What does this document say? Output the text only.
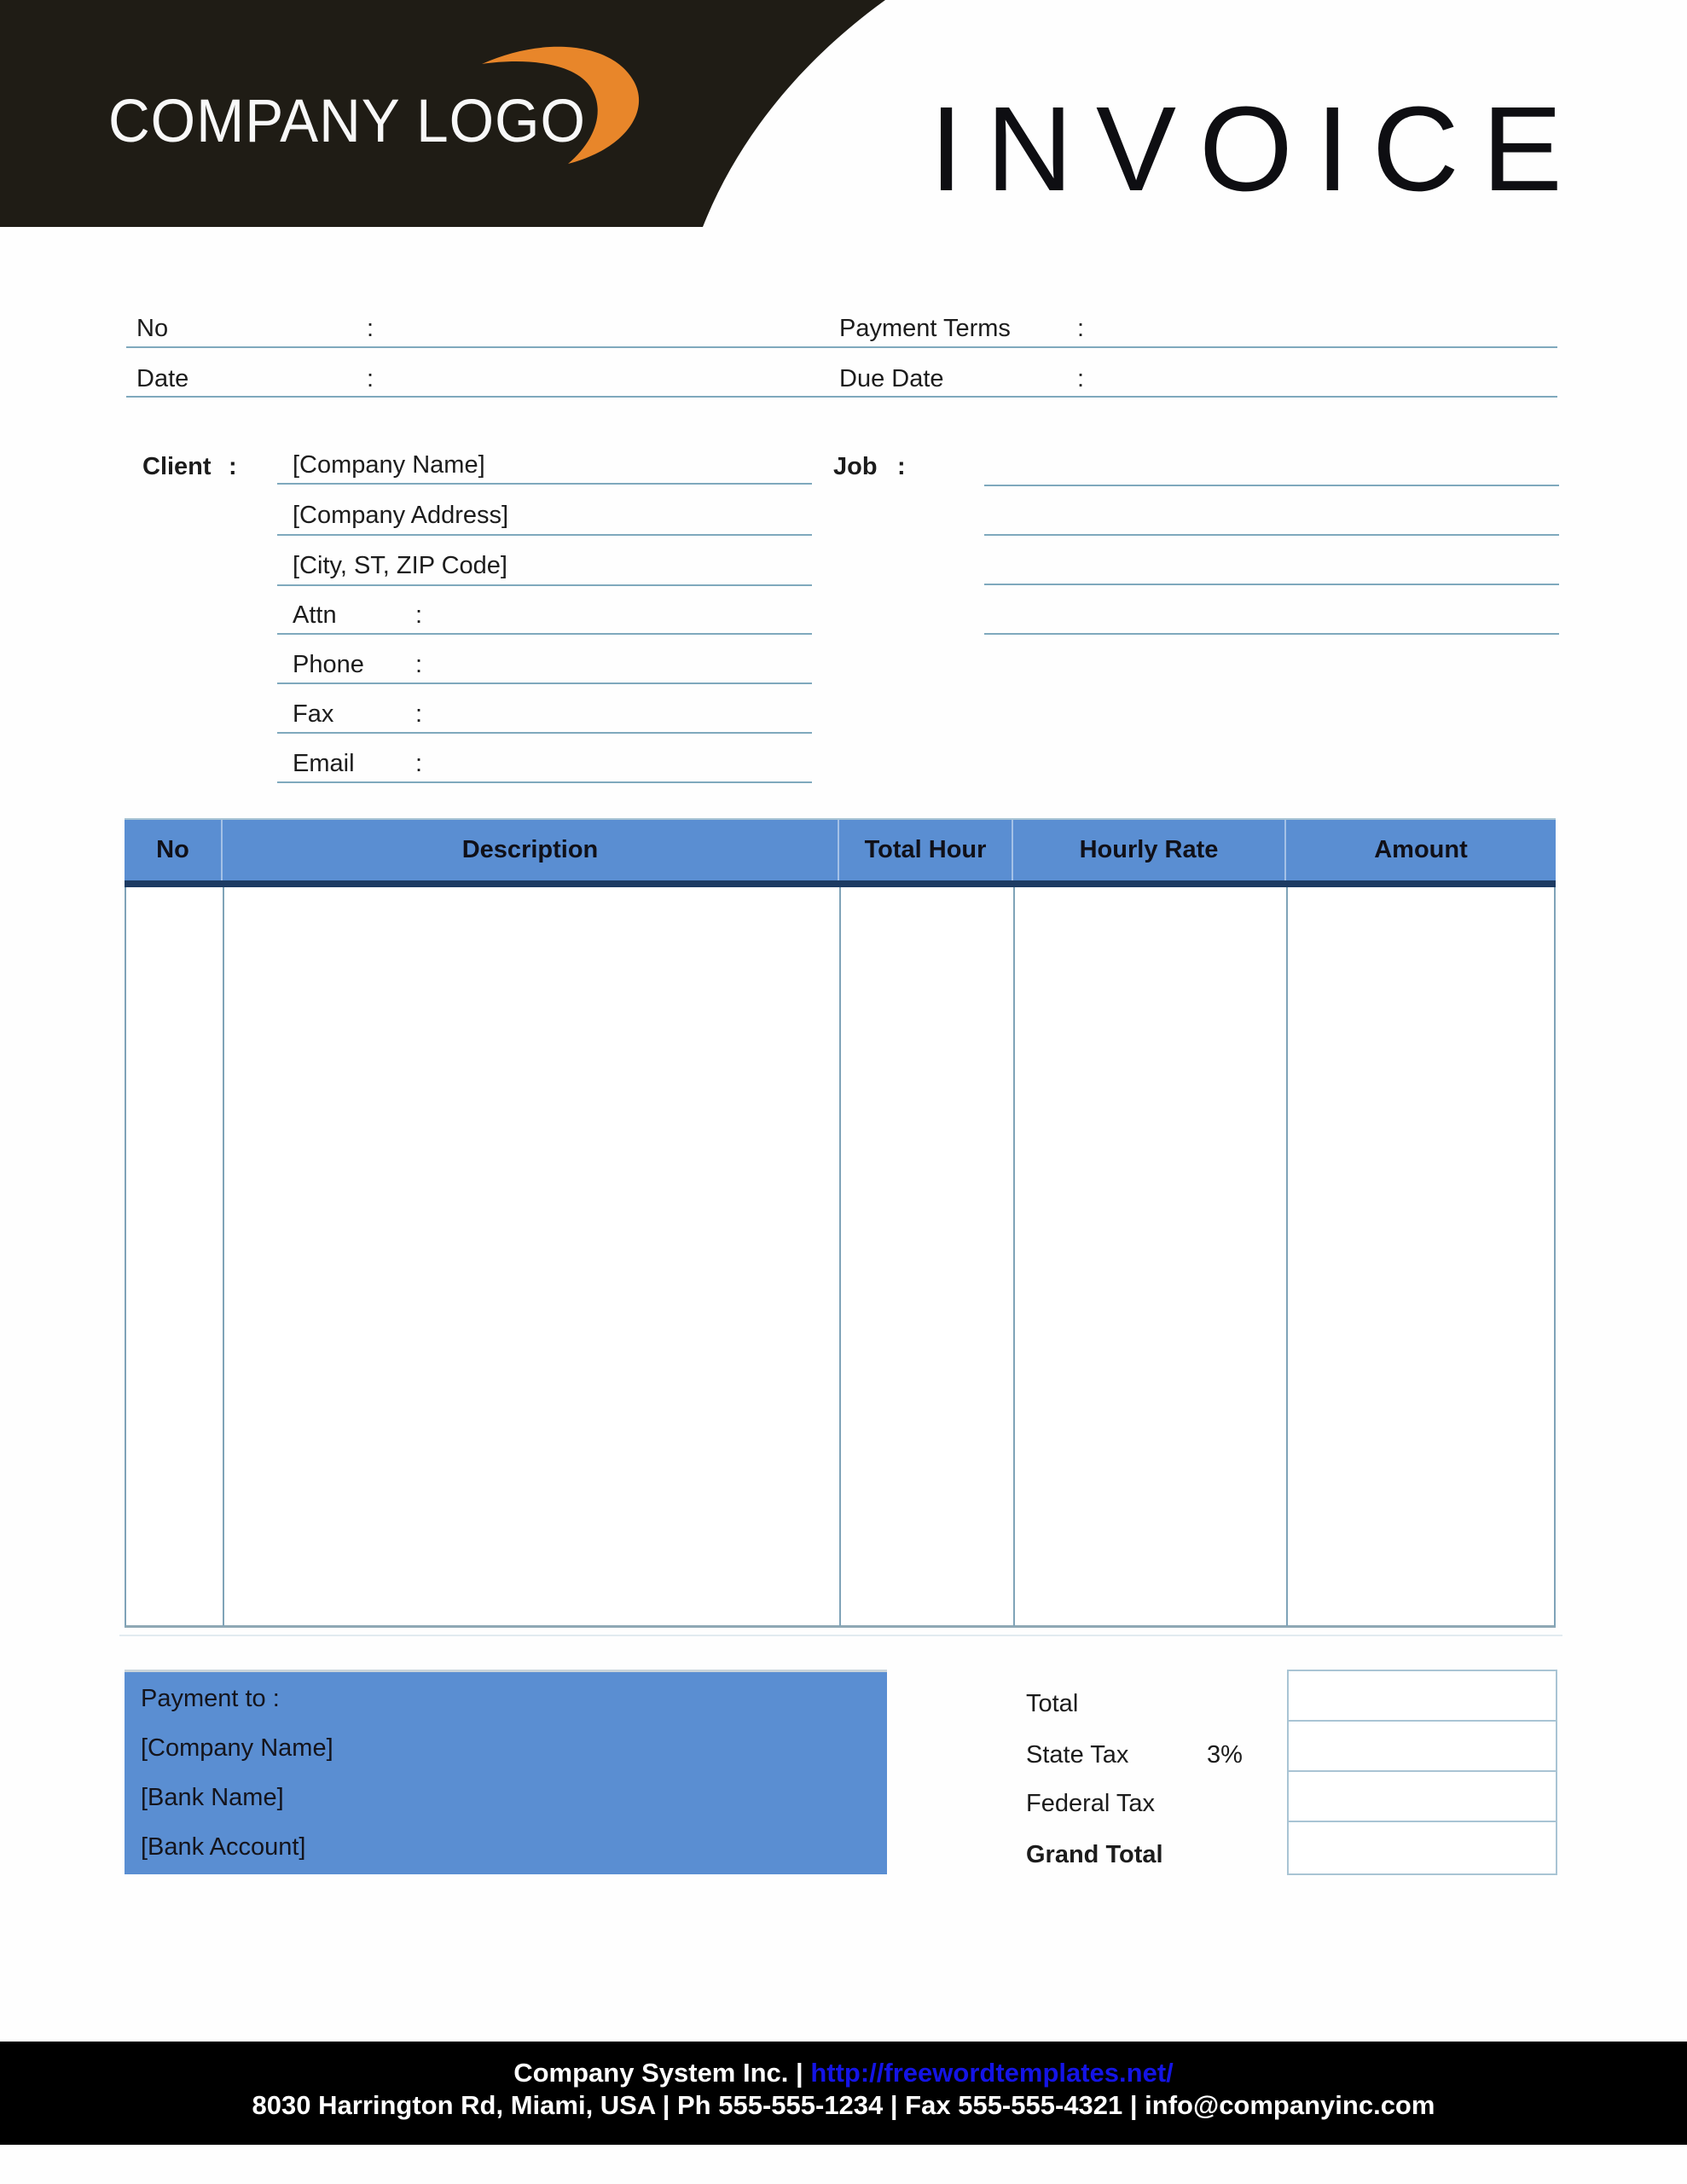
COMPANY LOGO	INVOICE
No	:	Payment Terms	:
Date	:	Due Date	:
Client : [Company Name]
[Company Address]
[City, ST, ZIP Code]
Attn	:
Phone :
Fax	:
Email :
Job :
No	Description	Total Hour	Hourly Rate	Amount
Payment to :
[Company Name]
[Bank Name]
[Bank Account]
Total
State Tax	3%
Federal Tax
Grand Total
Company System Inc. | http://freewordtemplates.net/
8030 Harrington Rd, Miami, USA | Ph 555-555-1234 | Fax 555-555-4321 | info@companyinc.com
